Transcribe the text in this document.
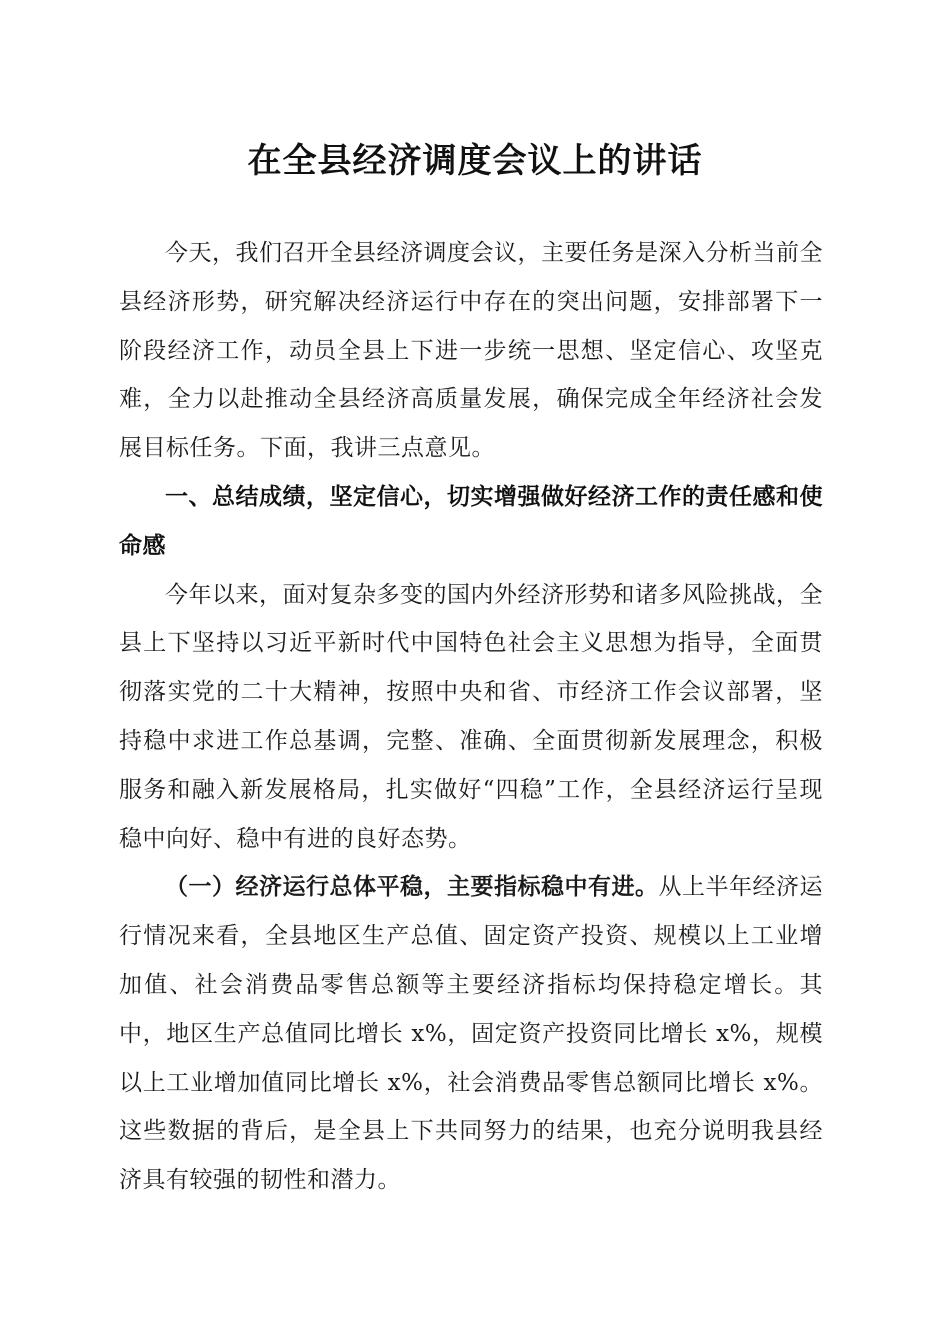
在全县经济调度会议上的讲话

今天，我们召开全县经济调度会议，主要任务是深入分析当前全县经济形势，研究解决经济运行中存在的突出问题，安排部署下一阶段经济工作，动员全县上下进一步统一思想、坚定信心、攻坚克难，全力以赴推动全县经济高质量发展，确保完成全年经济社会发展目标任务。下面，我讲三点意见。

一、总结成绩，坚定信心，切实增强做好经济工作的责任感和使命感

今年以来，面对复杂多变的国内外经济形势和诸多风险挑战，全县上下坚持以习近平新时代中国特色社会主义思想为指导，全面贯彻落实党的二十大精神，按照中央和省、市经济工作会议部署，坚持稳中求进工作总基调，完整、准确、全面贯彻新发展理念，积极服务和融入新发展格局，扎实做好“四稳”工作，全县经济运行呈现稳中向好、稳中有进的良好态势。

（一）经济运行总体平稳，主要指标稳中有进。从上半年经济运行情况来看，全县地区生产总值、固定资产投资、规模以上工业增加值、社会消费品零售总额等主要经济指标均保持稳定增长。其中，地区生产总值同比增长 x%，固定资产投资同比增长 x%，规模以上工业增加值同比增长 x%，社会消费品零售总额同比增长 x%。这些数据的背后，是全县上下共同努力的结果，也充分说明我县经济具有较强的韧性和潜力。
